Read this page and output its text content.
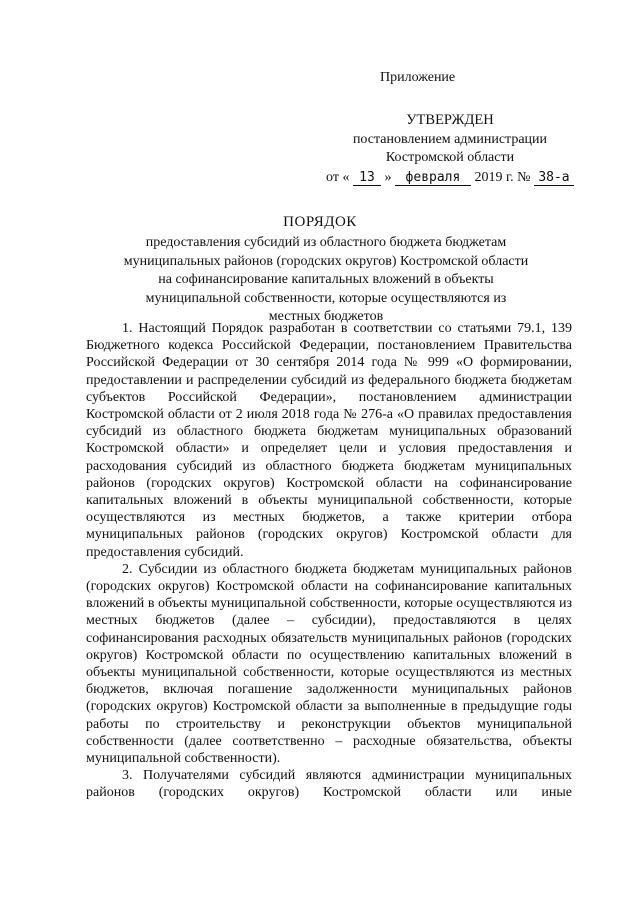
Приложение
УТВЕРЖДЕН
постановлением администрации
Костромской области
от « 13 » февраля 2019 г. № 38-а
ПОРЯДОК
предоставления субсидий из областного бюджета бюджетам муниципальных районов (городских округов) Костромской области на софинансирование капитальных вложений в объекты муниципальной собственности, которые осуществляются из местных бюджетов

1. Настоящий Порядок разработан в соответствии со статьями 79.1, 139 Бюджетного кодекса Российской Федерации, постановлением Правительства Российской Федерации от 30 сентября 2014 года № 999 «О формировании, предоставлении и распределении субсидий из федерального бюджета бюджетам субъектов Российской Федерации», постановлением администрации Костромской области от 2 июля 2018 года № 276-а «О правилах предоставления субсидий из областного бюджета бюджетам муниципальных образований Костромской области» и определяет цели и условия предоставления и расходования субсидий из областного бюджета бюджетам муниципальных районов (городских округов) Костромской области на софинансирование капитальных вложений в объекты муниципальной собственности, которые осуществляются из местных бюджетов, а также критерии отбора муниципальных районов (городских округов) Костромской области для предоставления субсидий.

2. Субсидии из областного бюджета бюджетам муниципальных районов (городских округов) Костромской области на софинансирование капитальных вложений в объекты муниципальной собственности, которые осуществляются из местных бюджетов (далее – субсидии), предоставляются в целях софинансирования расходных обязательств муниципальных районов (городских округов) Костромской области по осуществлению капитальных вложений в объекты муниципальной собственности, которые осуществляются из местных бюджетов, включая погашение задолженности муниципальных районов (городских округов) Костромской области за выполненные в предыдущие годы работы по строительству и реконструкции объектов муниципальной собственности (далее соответственно – расходные обязательства, объекты муниципальной собственности).

3. Получателями субсидий являются администрации муниципальных районов (городских округов) Костромской области или иные
